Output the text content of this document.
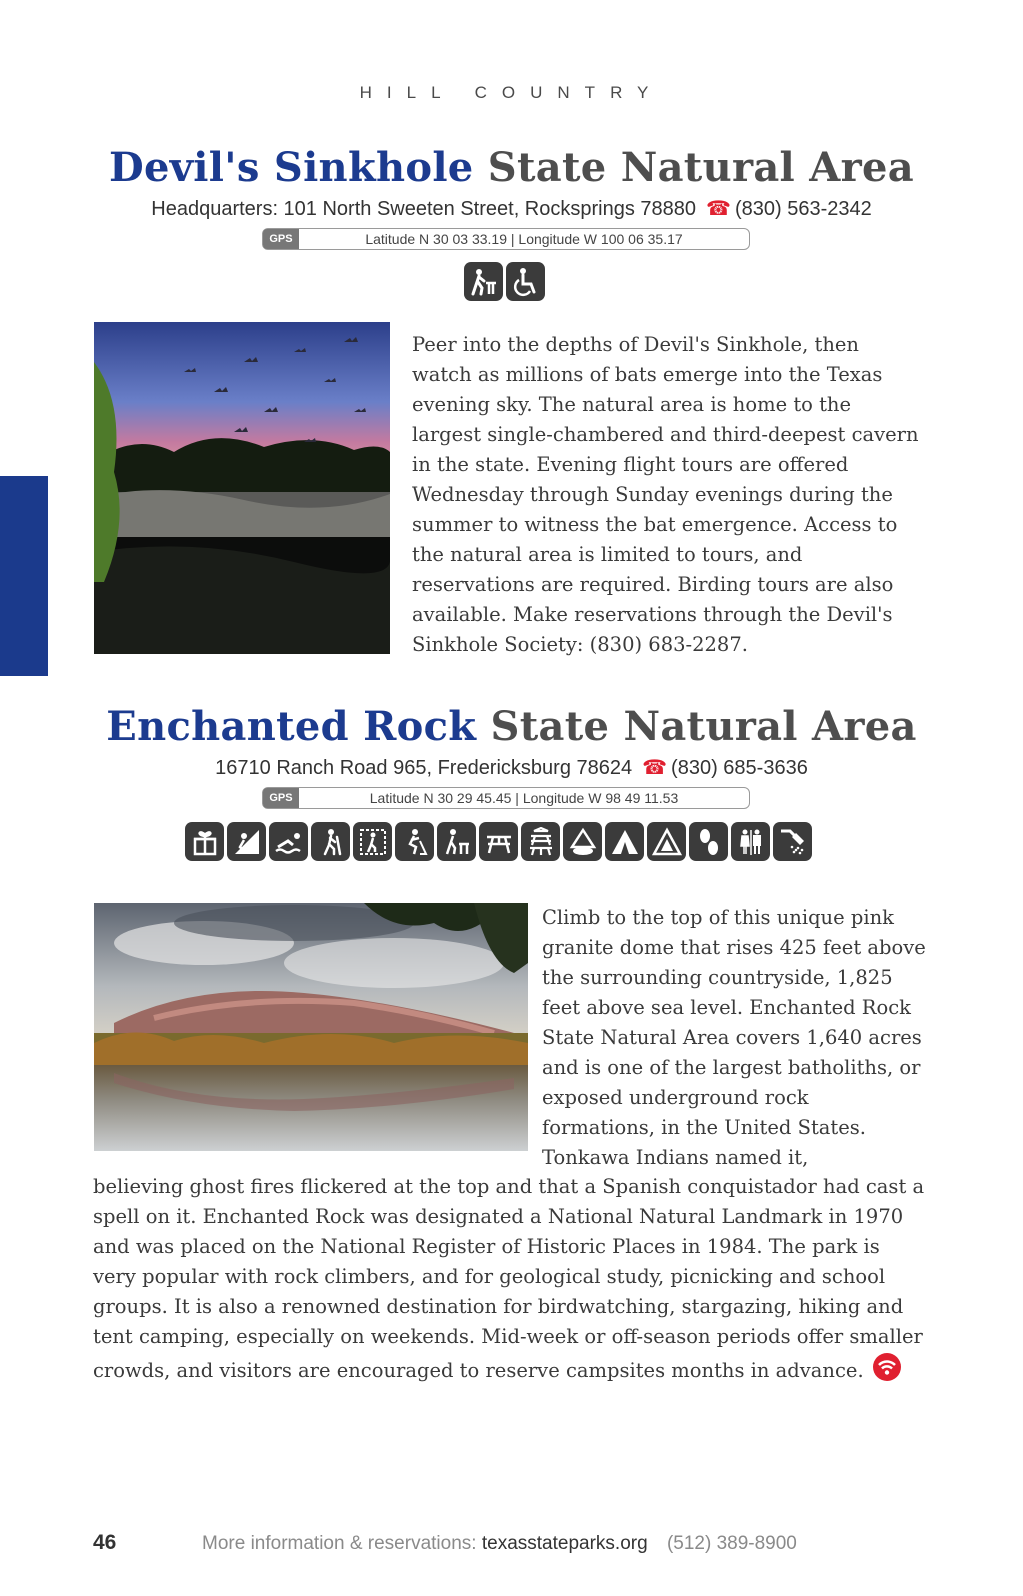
HILL COUNTRY
Devil's Sinkhole State Natural Area
Headquarters: 101 North Sweeten Street, Rocksprings 78880 ☎ (830) 563-2342
GPS	Latitude N 30 03 33.19 | Longitude W 100 06 35.17

Peer into the depths of Devil's Sinkhole, then watch as millions of bats emerge into the Texas evening sky. The natural area is home to the largest single-chambered and third-deepest cavern in the state. Evening flight tours are offered Wednesday through Sunday evenings during the summer to witness the bat emergence. Access to the natural area is limited to tours, and reservations are required. Birding tours are also available. Make reservations through the Devil's Sinkhole Society: (830) 683-2287.

Enchanted Rock State Natural Area
16710 Ranch Road 965, Fredericksburg 78624 ☎ (830) 685-3636
GPS	Latitude N 30 29 45.45 | Longitude W 98 49 11.53

Climb to the top of this unique pink granite dome that rises 425 feet above the surrounding countryside, 1,825 feet above sea level. Enchanted Rock State Natural Area covers 1,640 acres and is one of the largest batholiths, or exposed underground rock formations, in the United States. Tonkawa Indians named it,

believing ghost fires flickered at the top and that a Spanish conquistador had cast a spell on it. Enchanted Rock was designated a National Natural Landmark in 1970 and was placed on the National Register of Historic Places in 1984. The park is very popular with rock climbers, and for geological study, picnicking and school groups. It is also a renowned destination for birdwatching, stargazing, hiking and tent camping, especially on weekends. Mid-week or off-season periods offer smaller crowds, and visitors are encouraged to reserve campsites months in advance.

46	More information & reservations: texasstateparks.org (512) 389-8900
